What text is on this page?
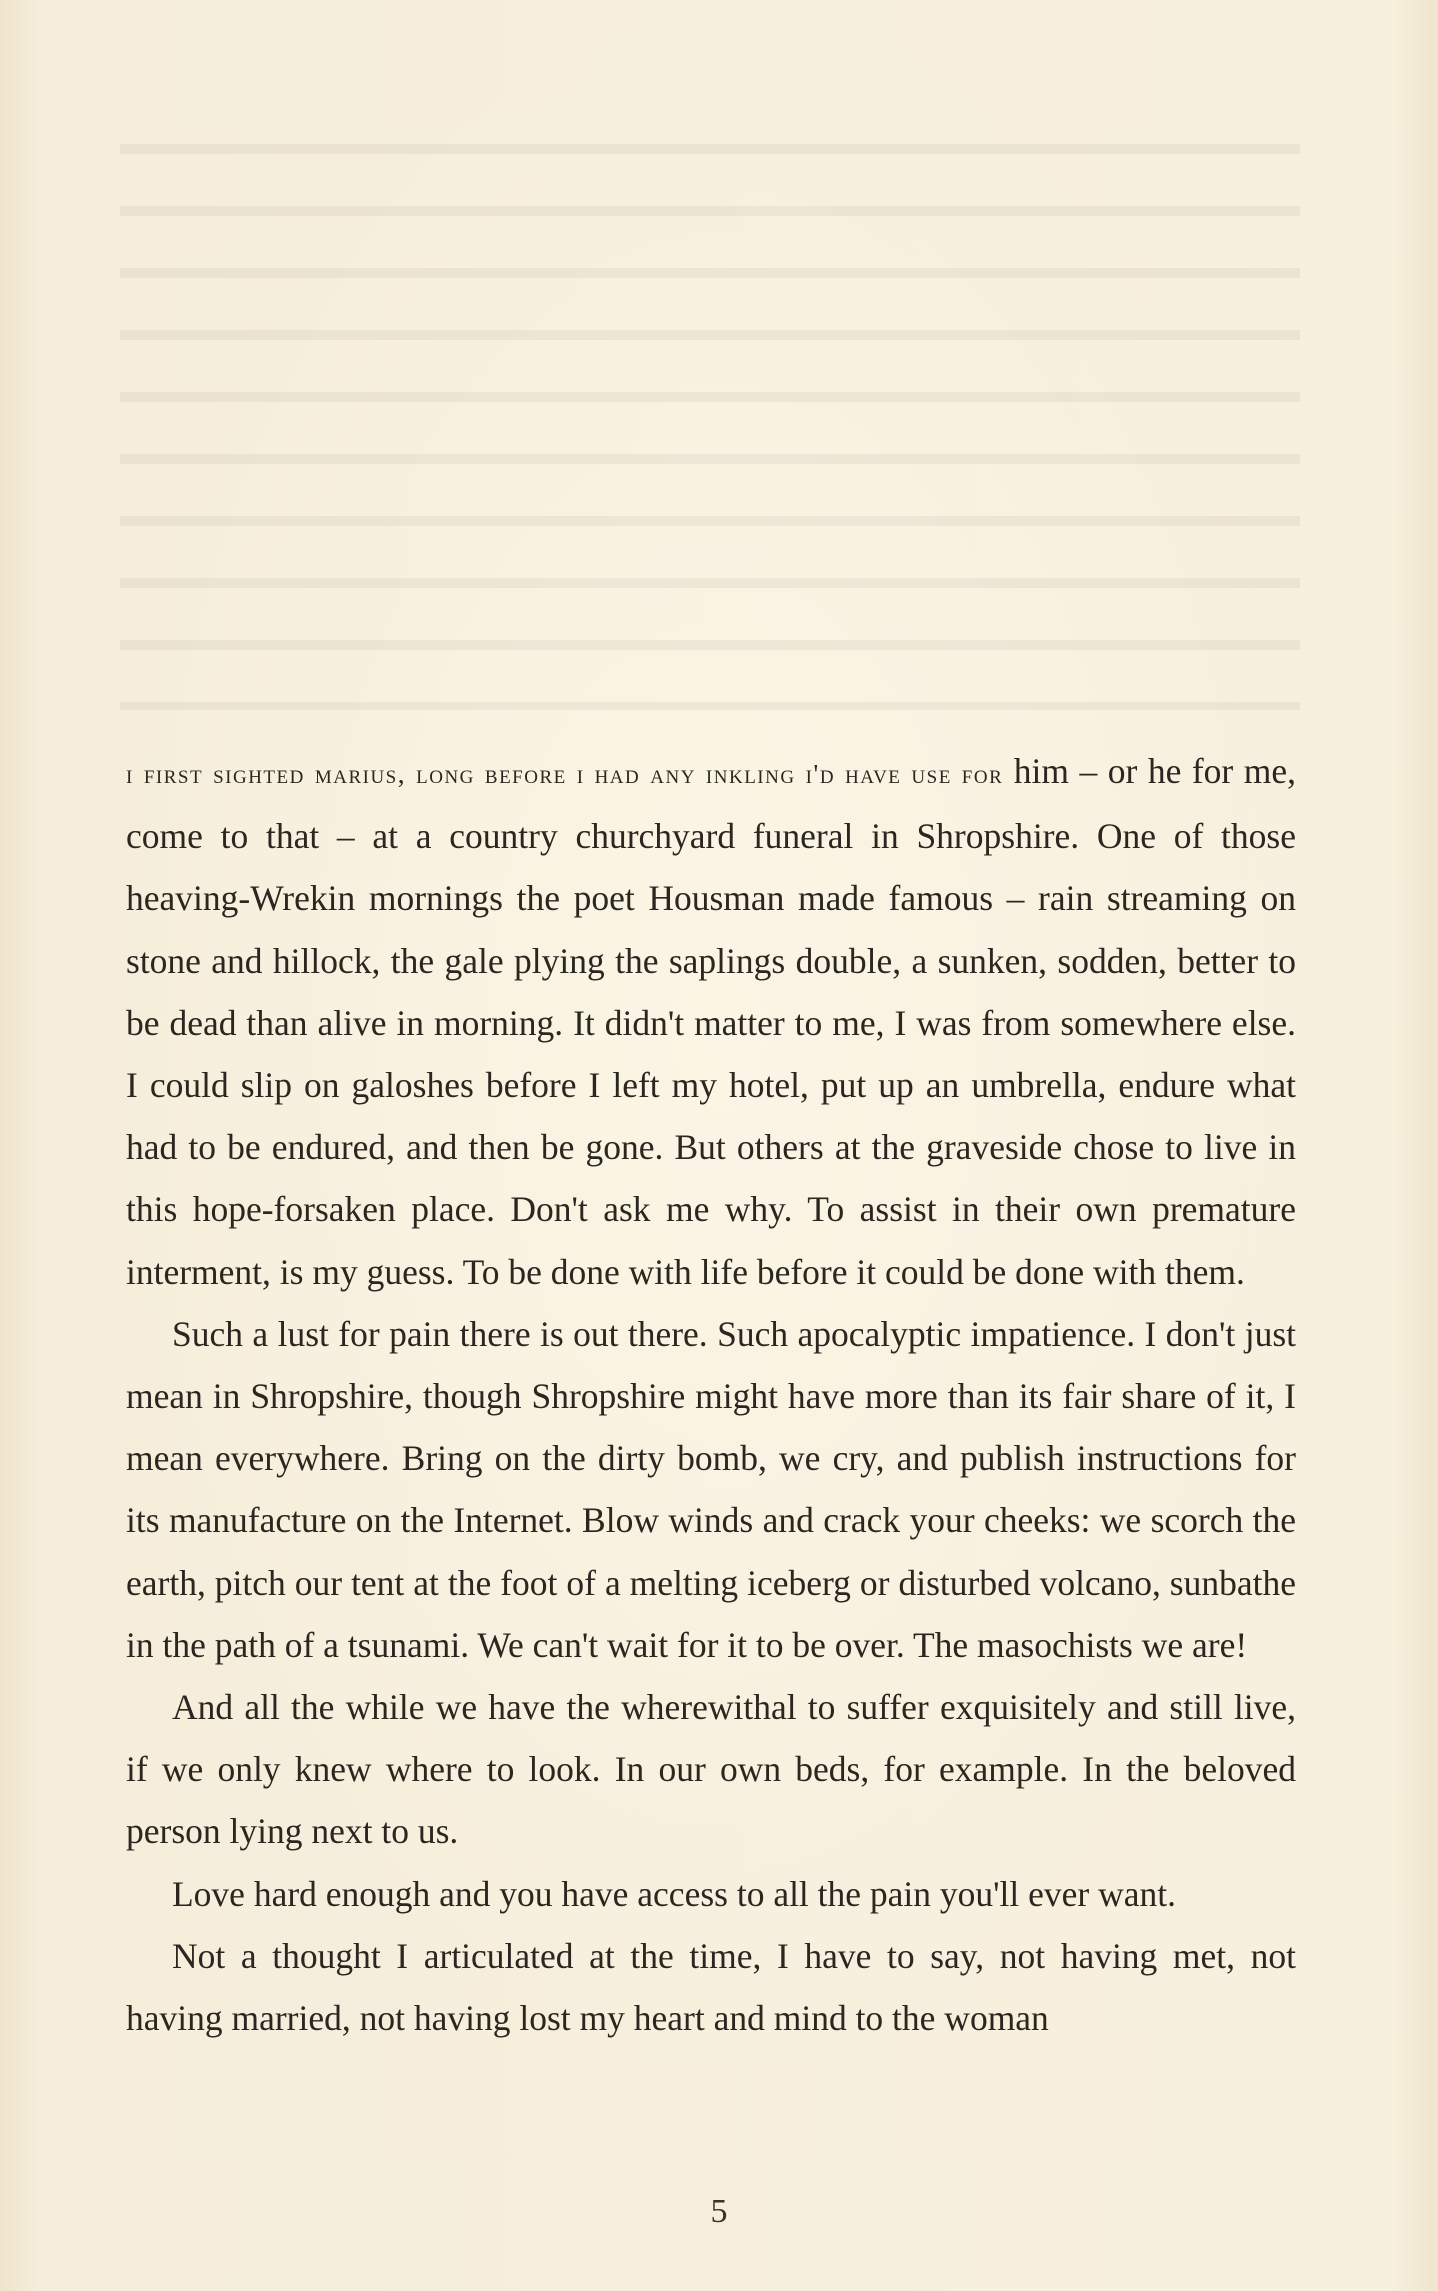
i first sighted marius, long before i had any inkling i'd have use for him – or he for me, come to that – at a country churchyard funeral in Shropshire. One of those heaving-Wrekin mornings the poet Housman made famous – rain streaming on stone and hillock, the gale plying the saplings double, a sunken, sodden, better to be dead than alive in morning. It didn't matter to me, I was from somewhere else. I could slip on galoshes before I left my hotel, put up an umbrella, endure what had to be endured, and then be gone. But others at the graveside chose to live in this hope-forsaken place. Don't ask me why. To assist in their own premature interment, is my guess. To be done with life before it could be done with them.

Such a lust for pain there is out there. Such apocalyptic impatience. I don't just mean in Shropshire, though Shropshire might have more than its fair share of it, I mean everywhere. Bring on the dirty bomb, we cry, and publish instructions for its manufacture on the Internet. Blow winds and crack your cheeks: we scorch the earth, pitch our tent at the foot of a melting iceberg or disturbed volcano, sunbathe in the path of a tsunami. We can't wait for it to be over. The masochists we are!

And all the while we have the wherewithal to suffer exquisitely and still live, if we only knew where to look. In our own beds, for example. In the beloved person lying next to us.

Love hard enough and you have access to all the pain you'll ever want.

Not a thought I articulated at the time, I have to say, not having met, not having married, not having lost my heart and mind to the woman

5
